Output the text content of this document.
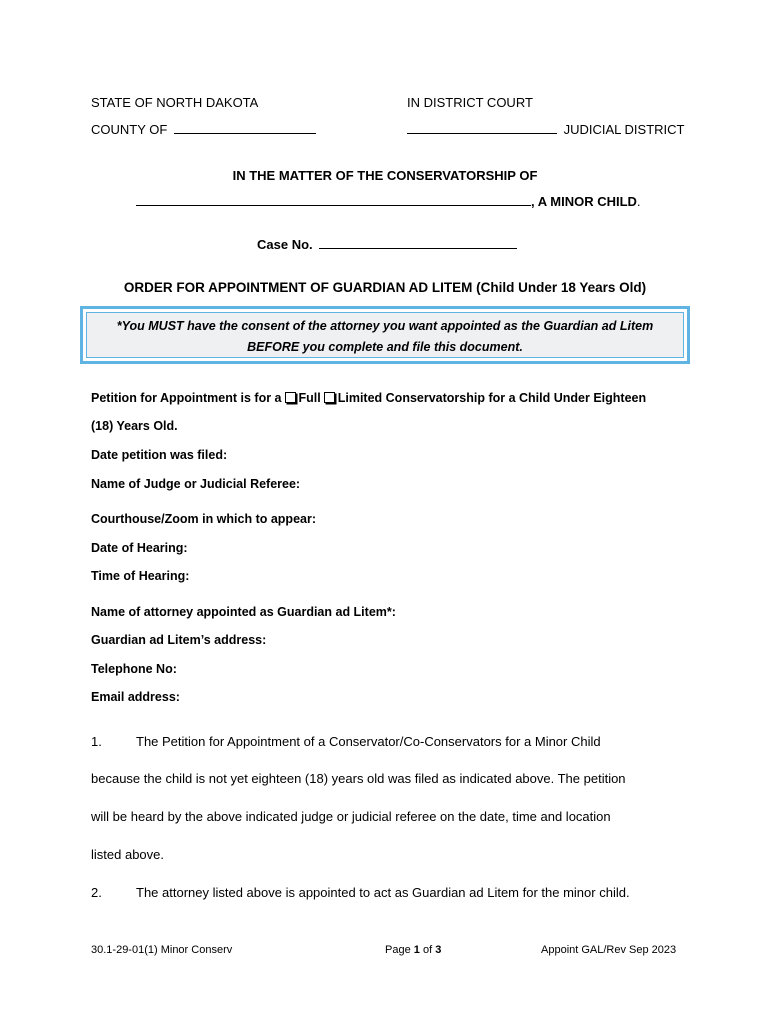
STATE OF NORTH DAKOTA	IN DISTRICT COURT
COUNTY OF	JUDICIAL DISTRICT
IN THE MATTER OF THE CONSERVATORSHIP OF
, A MINOR CHILD.
Case No.
ORDER FOR APPOINTMENT OF GUARDIAN AD LITEM (Child Under 18 Years Old)
*You MUST have the consent of the attorney you want appointed as the Guardian ad Litem
BEFORE you complete and file this document.
Petition for Appointment is for a Full Limited Conservatorship for a Child Under Eighteen
(18) Years Old.
Date petition was filed:
Name of Judge or Judicial Referee:
Courthouse/Zoom in which to appear:
Date of Hearing:
Time of Hearing:
Name of attorney appointed as Guardian ad Litem*:
Guardian ad Litem’s address:
Telephone No:
Email address:
1.	The Petition for Appointment of a Conservator/Co-Conservators for a Minor Child
because the child is not yet eighteen (18) years old was filed as indicated above. The petition
will be heard by the above indicated judge or judicial referee on the date, time and location
listed above.
2.	The attorney listed above is appointed to act as Guardian ad Litem for the minor child.
30.1-29-01(1) Minor Conserv	Page 1 of 3	Appoint GAL/Rev Sep 2023
